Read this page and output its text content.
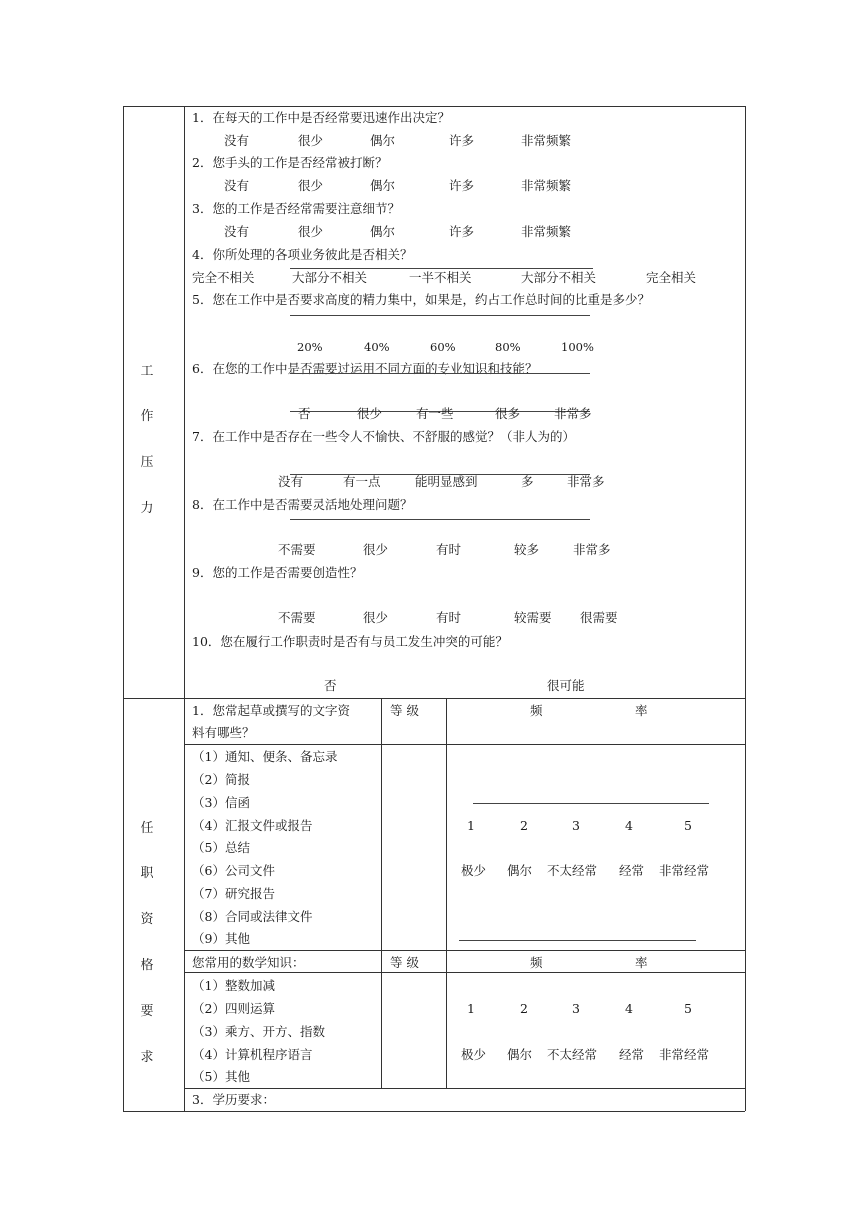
工
作
压
力
1．在每天的工作中是否经常要迅速作出决定？
没有	很少	偶尔	许多	非常频繁
2．您手头的工作是否经常被打断？
没有	很少	偶尔	许多	非常频繁
3．您的工作是否经常需要注意细节？
没有	很少	偶尔	许多	非常频繁
4．你所处理的各项业务彼此是否相关？
完全不相关	大部分不相关	一半不相关	大部分不相关	完全相关
5．您在工作中是否要求高度的精力集中，如果是，约占工作总时间的比重是多少？
20%	40%	60%	80%	100%
6．在您的工作中是否需要过运用不同方面的专业知识和技能？
否	很少	有一些	很多	非常多
7．在工作中是否存在一些令人不愉快、不舒服的感觉？（非人为的）
没有	有一点	能明显感到	多	非常多
8．在工作中是否需要灵活地处理问题？
不需要	很少	有时	较多	非常多
9．您的工作是否需要创造性？
不需要	很少	有时	较需要 很需要
10．您在履行工作职责时是否有与员工发生冲突的可能？
否	很可能
任
职
资
格
要
求
1．您常起草或撰写的文字资
料有哪些？
等 级	频	率
（1）通知、便条、备忘录
（2）简报
（3）信函
（4）汇报文件或报告
（5）总结
（6）公司文件
（7）研究报告
（8）合同或法律文件
（9）其他
1	2	3	4	5
极少 偶尔 不太经常 经常 非常经常
您常用的数学知识：	等 级	频	率
（1）整数加减
（2）四则运算
（3）乘方、开方、指数
（4）计算机程序语言
（5）其他
1	2	3	4	5
极少 偶尔 不太经常 经常 非常经常
3．学历要求：
